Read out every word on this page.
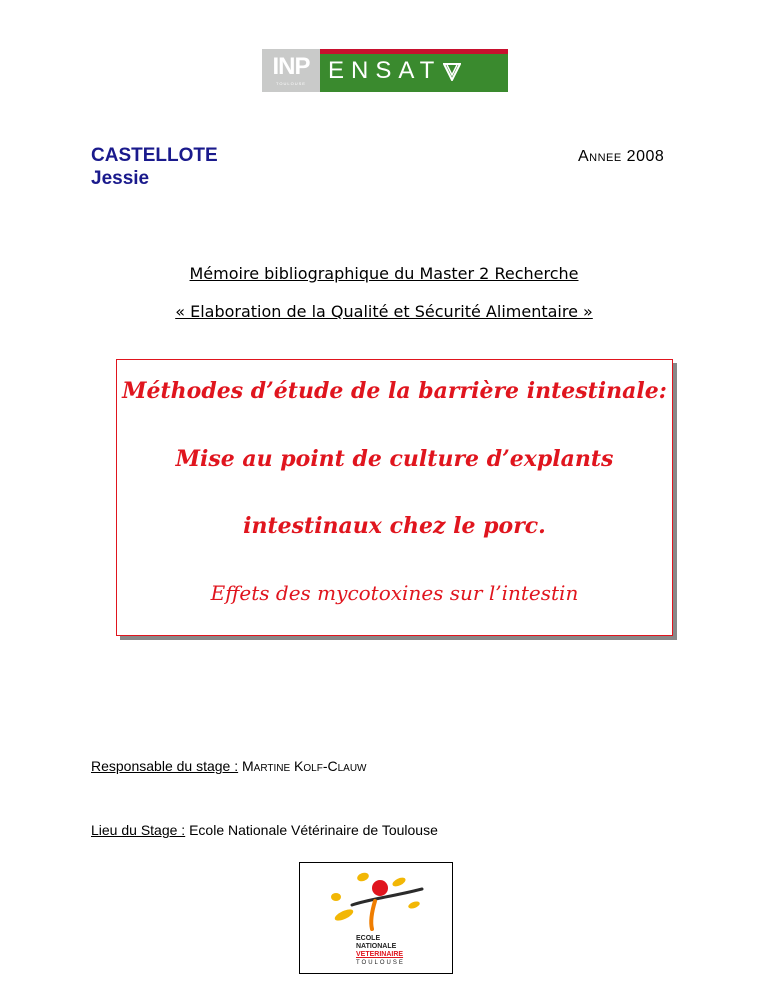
INP
TOULOUSE ENSAT
CASTELLOTE
Jessie
Annee 2008
Mémoire bibliographique du Master 2 Recherche
« Elaboration de la Qualité et Sécurité Alimentaire »
Méthodes d’étude de la barrière intestinale:
Mise au point de culture d’explants
intestinaux chez le porc.
Effets des mycotoxines sur l’intestin
Responsable du stage : Martine Kolf-Clauw
Lieu du Stage : Ecole Nationale Vétérinaire de Toulouse
ECOLE
NATIONALE
VETERINAIRE
TOULOUSE
